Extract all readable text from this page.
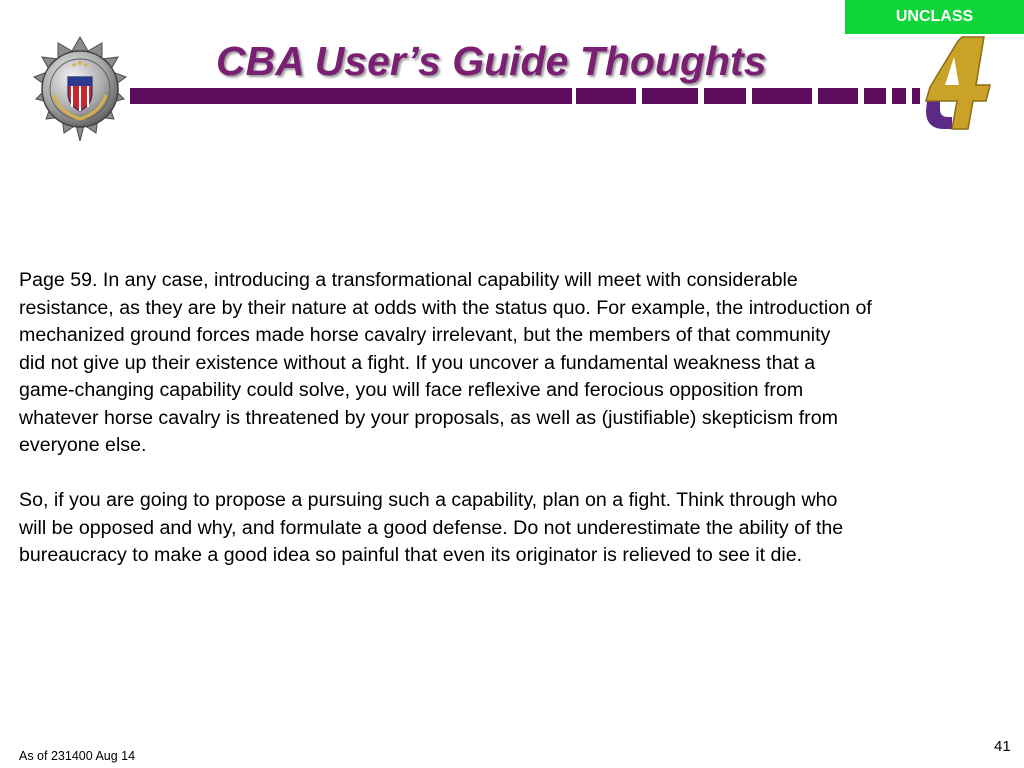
UNCLASS
CBA User’s Guide Thoughts

Page 59. In any case, introducing a transformational capability will meet with considerable
resistance, as they are by their nature at odds with the status quo. For example, the introduction of
mechanized ground forces made horse cavalry irrelevant, but the members of that community
did not give up their existence without a fight. If you uncover a fundamental weakness that a
game-changing capability could solve, you will face reflexive and ferocious opposition from
whatever horse cavalry is threatened by your proposals, as well as (justifiable) skepticism from
everyone else.

So, if you are going to propose a pursuing such a capability, plan on a fight. Think through who
will be opposed and why, and formulate a good defense. Do not underestimate the ability of the
bureaucracy to make a good idea so painful that even its originator is relieved to see it die.

As of 231400 Aug 14
41
